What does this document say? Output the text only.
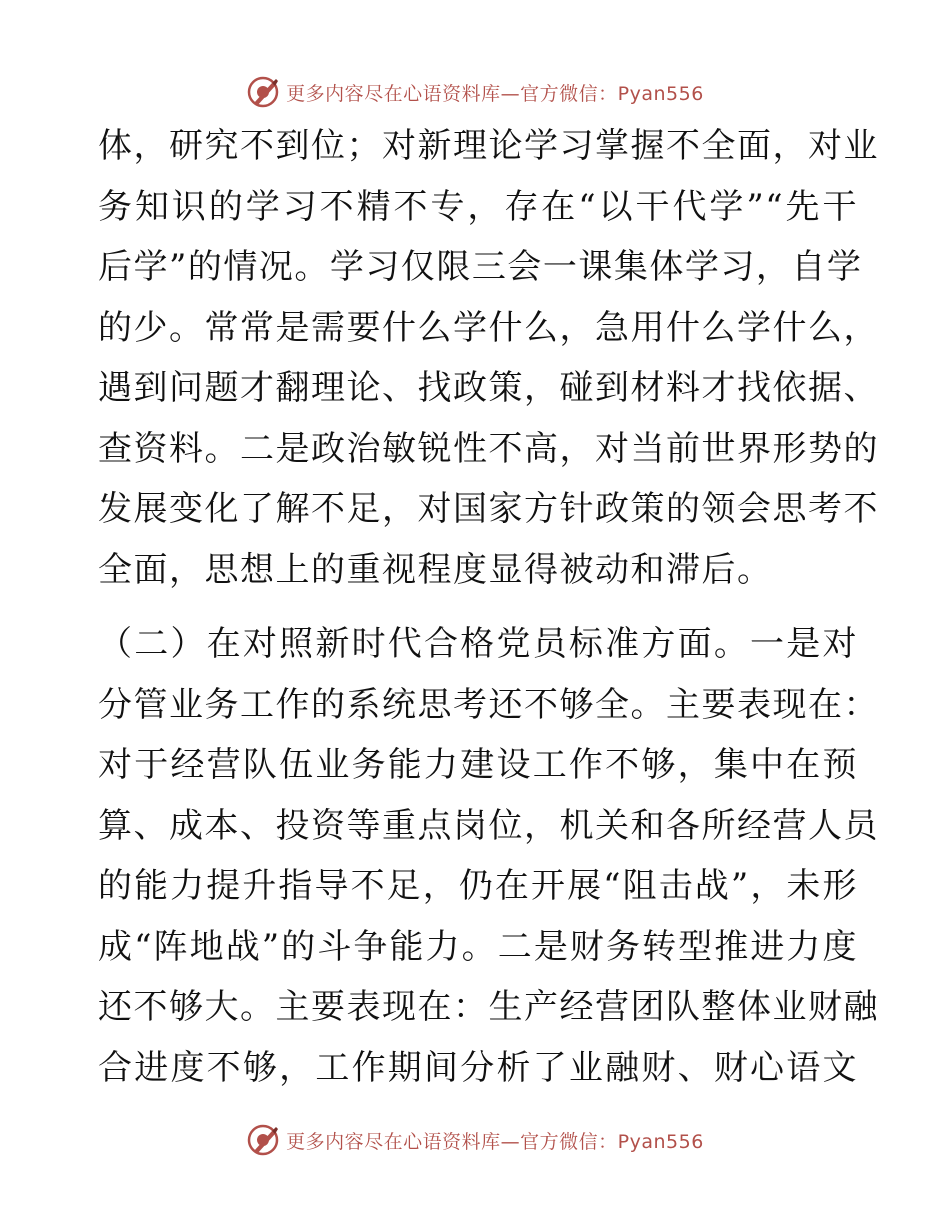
更多内容尽在心语资料库—官方微信：Pyan556
体，研究不到位；对新理论学习掌握不全面，对业
务知识的学习不精不专，存在“以干代学”“先干
后学”的情况。学习仅限三会一课集体学习，自学
的少。常常是需要什么学什么，急用什么学什么，
遇到问题才翻理论、找政策，碰到材料才找依据、
查资料。二是政治敏锐性不高，对当前世界形势的
发展变化了解不足，对国家方针政策的领会思考不
全面，思想上的重视程度显得被动和滞后。
（二）在对照新时代合格党员标准方面。一是对
分管业务工作的系统思考还不够全。主要表现在：
对于经营队伍业务能力建设工作不够，集中在预
算、成本、投资等重点岗位，机关和各所经营人员
的能力提升指导不足，仍在开展“阻击战”，未形
成“阵地战”的斗争能力。二是财务转型推进力度
还不够大。主要表现在：生产经营团队整体业财融
合进度不够，工作期间分析了业融财、财心语文
更多内容尽在心语资料库—官方微信：Pyan556
